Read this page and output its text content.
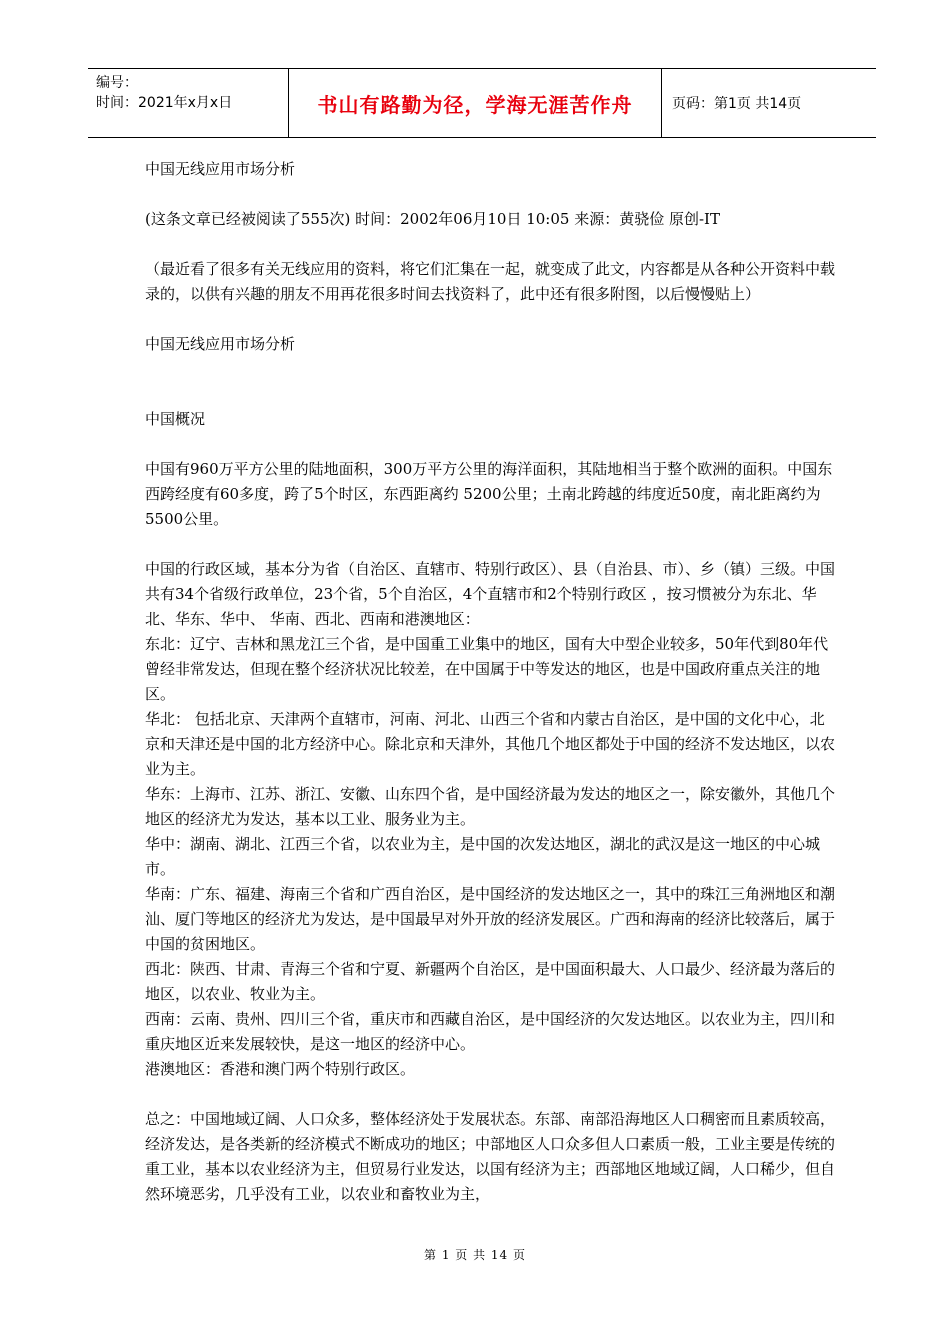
编号：
时间：2021年x月x日	书山有路勤为径，学海无涯苦作舟	页码：第1页 共14页

中国无线应用市场分析

(这条文章已经被阅读了555次) 时间：2002年06月10日 10:05 来源：黄骁俭 原创-IT

（最近看了很多有关无线应用的资料，将它们汇集在一起，就变成了此文，内容都是从各种公开资料中载录的，以供有兴趣的朋友不用再花很多时间去找资料了，此中还有很多附图，以后慢慢贴上）

中国无线应用市场分析

中国概况

中国有960万平方公里的陆地面积，300万平方公里的海洋面积，其陆地相当于整个欧洲的面积。中国东西跨经度有60多度，跨了5个时区，东西距离约 5200公里；土南北跨越的纬度近50度，南北距离约为5500公里。

中国的行政区域，基本分为省（自治区、直辖市、特别行政区）、县（自治县、市）、乡（镇）三级。中国共有34个省级行政单位，23个省，5个自治区，4个直辖市和2个特别行政区 ，按习惯被分为东北、华北、华东、华中、 华南、西北、西南和港澳地区：

东北：辽宁、吉林和黑龙江三个省，是中国重工业集中的地区，国有大中型企业较多，50年代到80年代曾经非常发达，但现在整个经济状况比较差，在中国属于中等发达的地区，也是中国政府重点关注的地区。

华北： 包括北京、天津两个直辖市，河南、河北、山西三个省和内蒙古自治区，是中国的文化中心，北京和天津还是中国的北方经济中心。除北京和天津外，其他几个地区都处于中国的经济不发达地区，以农业为主。

华东：上海市、江苏、浙江、安徽、山东四个省，是中国经济最为发达的地区之一，除安徽外，其他几个地区的经济尤为发达，基本以工业、服务业为主。

华中：湖南、湖北、江西三个省，以农业为主，是中国的次发达地区，湖北的武汉是这一地区的中心城市。

华南：广东、福建、海南三个省和广西自治区，是中国经济的发达地区之一，其中的珠江三角洲地区和潮汕、厦门等地区的经济尤为发达，是中国最早对外开放的经济发展区。广西和海南的经济比较落后，属于中国的贫困地区。

西北：陕西、甘肃、青海三个省和宁夏、新疆两个自治区，是中国面积最大、人口最少、经济最为落后的地区，以农业、牧业为主。

西南：云南、贵州、四川三个省，重庆市和西藏自治区，是中国经济的欠发达地区。以农业为主，四川和重庆地区近来发展较快，是这一地区的经济中心。

港澳地区：香港和澳门两个特别行政区。

总之：中国地域辽阔、人口众多，整体经济处于发展状态。东部、南部沿海地区人口稠密而且素质较高，经济发达，是各类新的经济模式不断成功的地区；中部地区人口众多但人口素质一般，工业主要是传统的重工业，基本以农业经济为主，但贸易行业发达，以国有经济为主；西部地区地域辽阔，人口稀少，但自然环境恶劣，几乎没有工业，以农业和畜牧业为主，

第 1 页 共 14 页
